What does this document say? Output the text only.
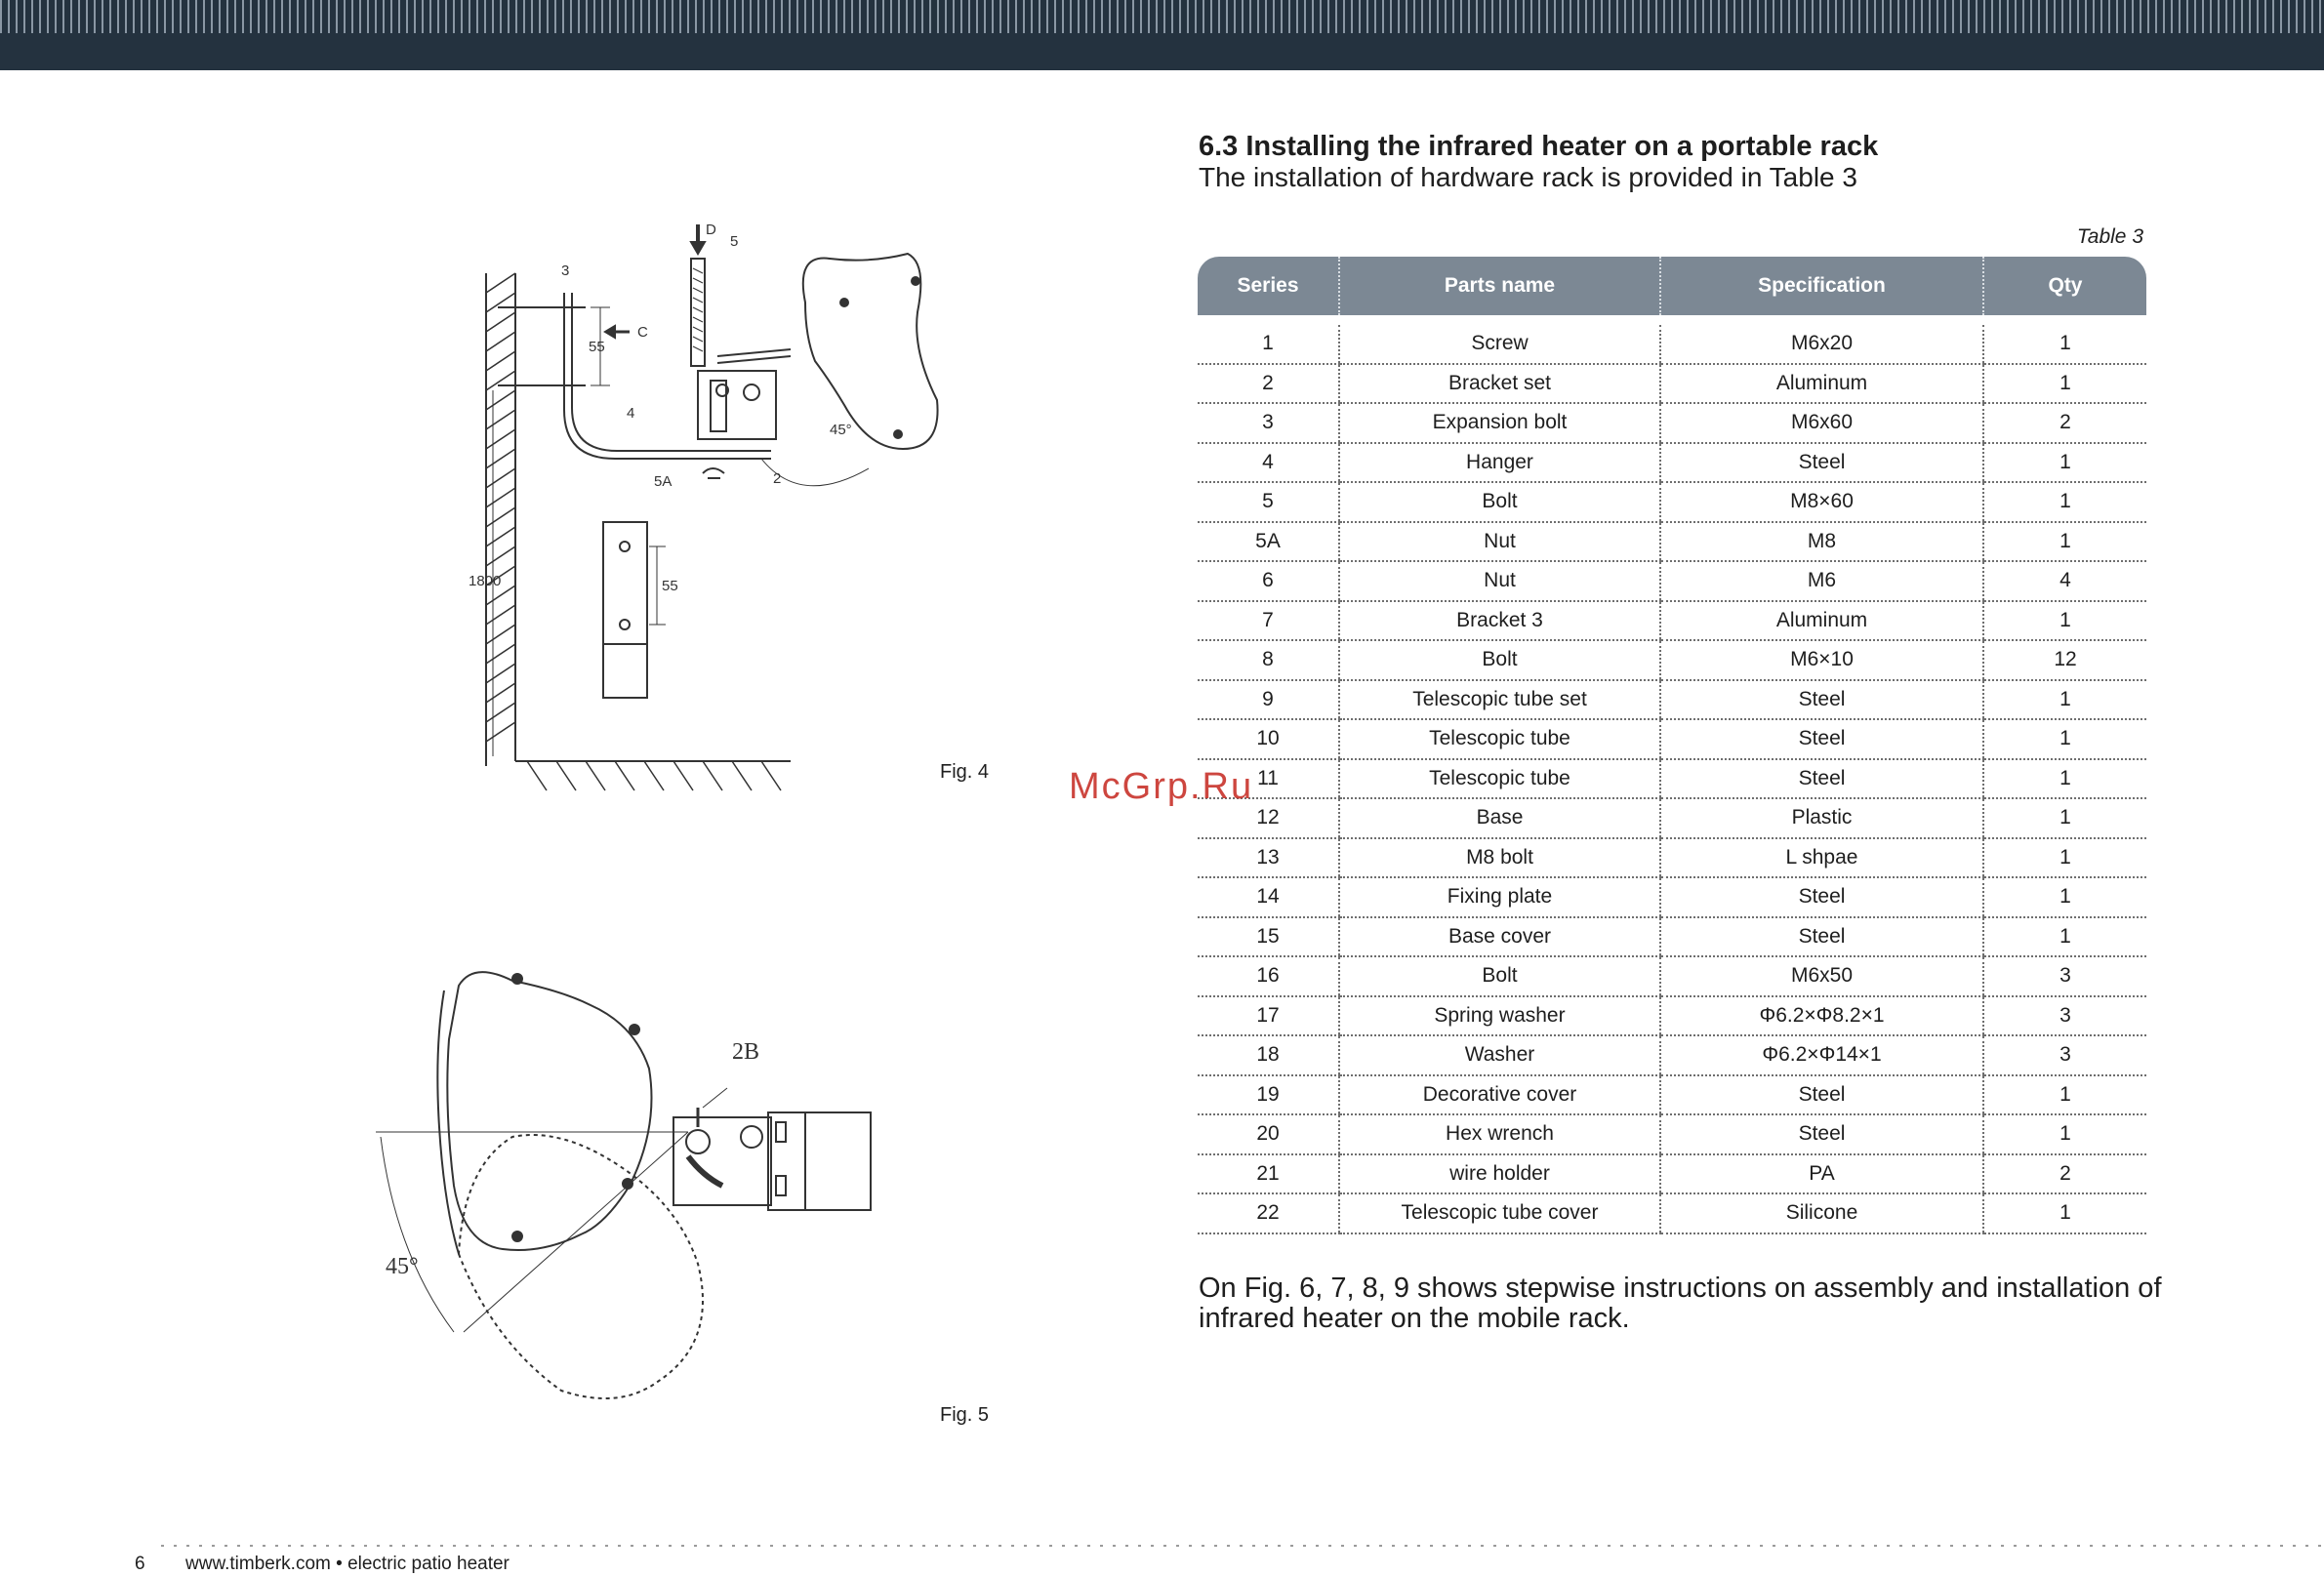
D
5
3
C
55
4
5A	2
45°
1800	55
Fig. 4
2B
45°
Fig. 5
6.3 Installing the infrared heater on a portable rack
The installation of hardware rack is provided in Table 3
Table 3
Series	Parts name	Specification	Qty

1	Screw	M6x20	1
2	Bracket set	Aluminum	1
3	Expansion bolt	M6x60	2
4	Hanger	Steel	1
5	Bolt	M8×60	1
5A	Nut	M8	1
6	Nut	M6	4
7	Bracket 3	Aluminum	1
8	Bolt	M6×10	12
9	Telescopic tube set	Steel	1
10	Telescopic tube	Steel	1
11	Telescopic tube	Steel	1
12	Base	Plastic	1
13	M8 bolt	L shpae	1
14	Fixing plate	Steel	1
15	Base cover	Steel	1
16	Bolt	M6x50	3
17	Spring washer	Φ6.2×Φ8.2×1	3
18	Washer	Φ6.2×Φ14×1	3
19	Decorative cover	Steel	1
20	Hex wrench	Steel	1
21	wire holder	PA	2
22	Telescopic tube cover	Silicone	1
On Fig. 6, 7, 8, 9 shows stepwise instructions on assembly and installation of infrared heater on the mobile rack.
McGrp.Ru
6 www.timberk.com • electric patio heater
